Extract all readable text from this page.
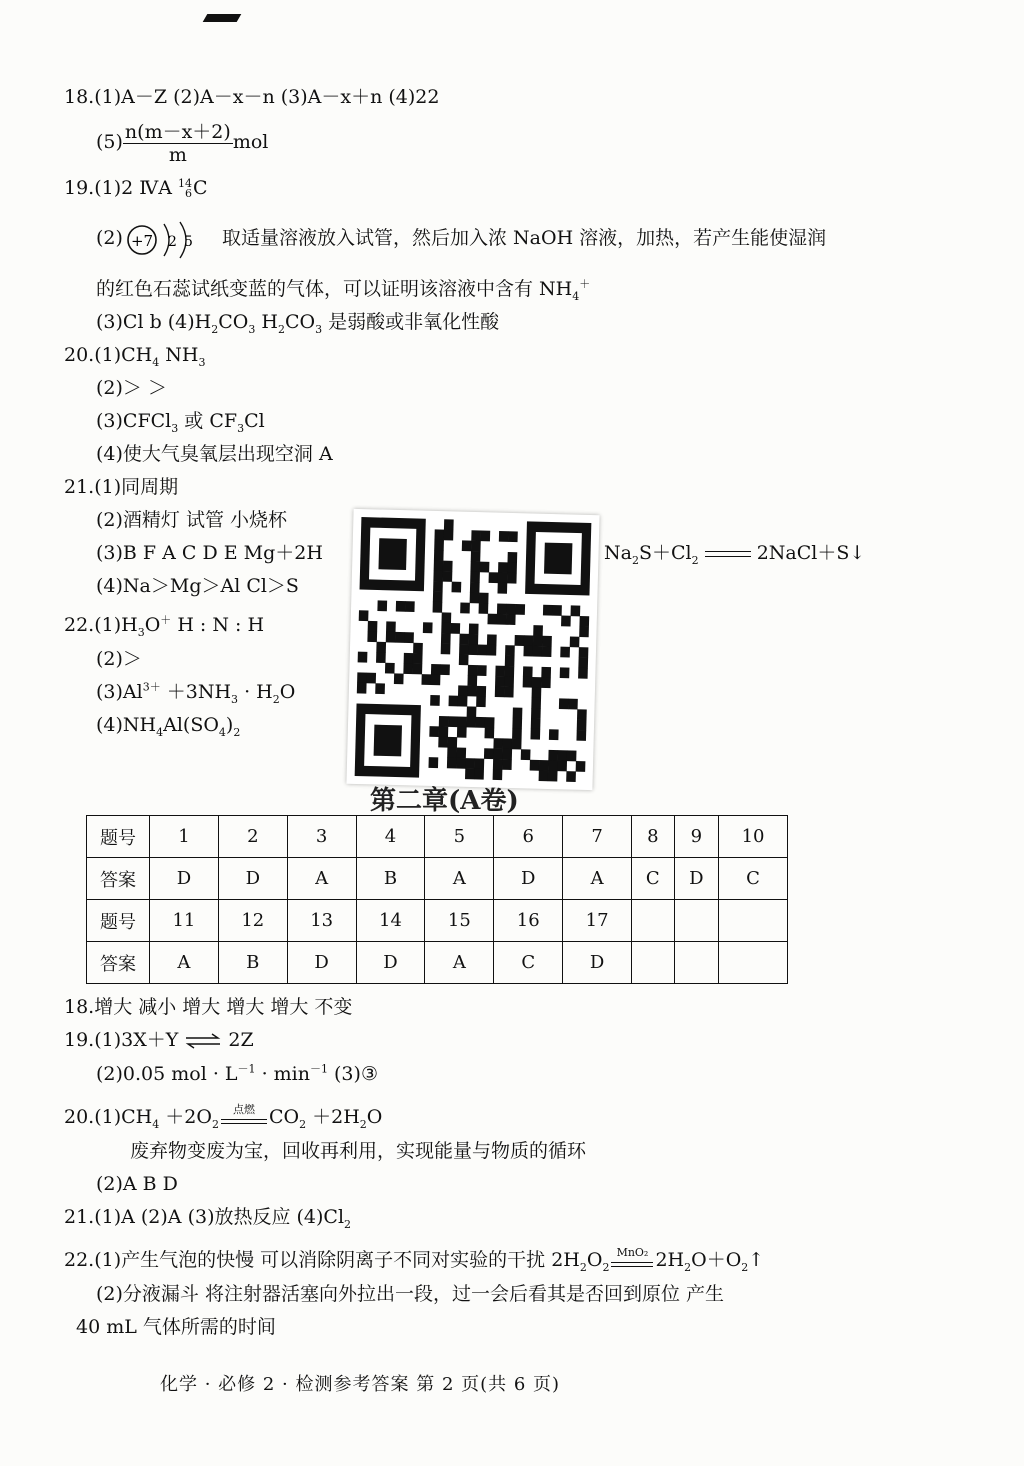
18.(1)A－Z (2)A－x－n (3)A－x＋n (4)22
$(5) \frac{n(m-x+2)}{m}$ mol
19.(1)2 ⅣA 14
6C
(2) +7 2 5 取适量溶液放入试管，然后加入浓 NaOH 溶液，加热，若产生能使湿润
的红色石蕊试纸变蓝的气体，可以证明该溶液中含有 $NH_4^+$
(3)Cl b $(4)H_2CO_3$ $H_2CO_3$ 是弱酸或非氧化性酸
$20.(1)CH_4$ $NH_3$
(2)＞ ＞
(3)CFCl$_3$ 或 $CF_3Cl$
(4)使大气臭氧层出现空洞 A
21.(1)同周期
(2)酒精灯 试管 小烧杯
(3)B F A C D E Mg＋2H	$Na_2S+Cl_2$	2NaCl＋S↓
(4)Na＞Mg＞Al Cl＞S
$22.(1)H_3O^+$ H : N : H
(2)＞
$(3)Al^{3+} +3NH_3 \cdot H_2O$
$(4)NH_4Al(SO_4)_2$
第二章(A卷)
题号	1	2	3	4	5	6	7	8	9	10
答案	D	D	A	B	A	D	A	C	D	C
题号	11	12	13	14	15	16	17			
答案	A	B	D	D	A	C	D			
18.增大 减小 增大 增大 增大 不变
19.(1)3X＋Y ⇌ 2Z
(2)0.05 mol · $L^{-1} \cdot \min^{-1}$ (3)③
$20.(1)CH_4 +2O_2$
点燃 $CO_2 +2H_2O$
废弃物变废为宝，回收再利用，实现能量与物质的循环
(2)A B D
21.(1)A (2)A (3)放热反应 $(4)Cl_2$
22.(1)产生气泡的快慢 可以消除阴离子不同对实验的干扰 $2H_2O_2$
MnO₂ $2H_2O+O_2↑$
(2)分液漏斗 将注射器活塞向外拉出一段，过一会后看其是否回到原位 产生
40 mL 气体所需的时间
化学 · 必修 2 · 检测参考答案 第 2 页(共 6 页)
